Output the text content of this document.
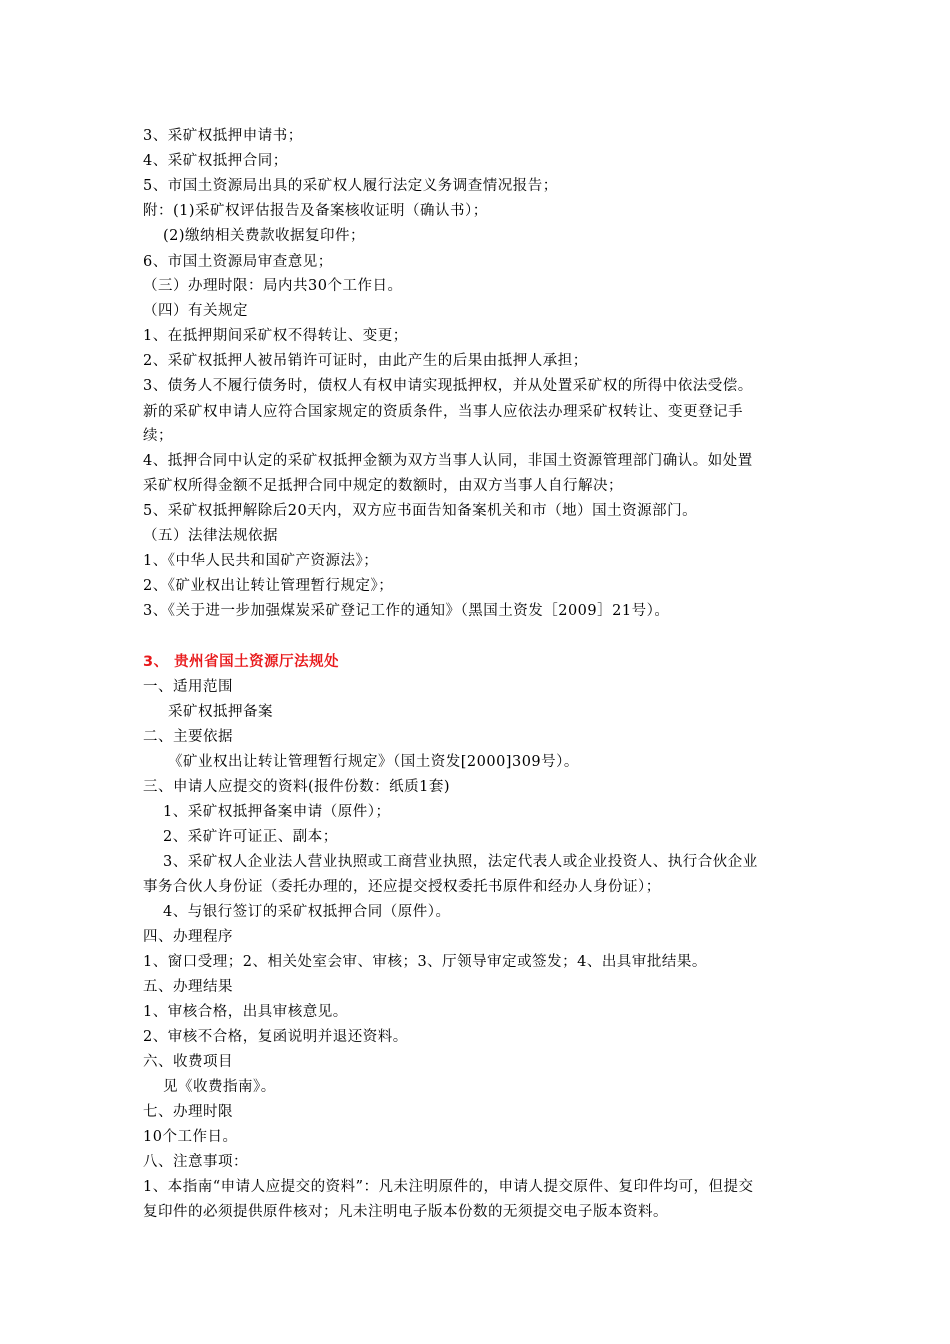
3、采矿权抵押申请书；
4、采矿权抵押合同；
5、市国土资源局出具的采矿权人履行法定义务调查情况报告；
附：(1)采矿权评估报告及备案核收证明（确认书）；
(2)缴纳相关费款收据复印件；
6、市国土资源局审查意见；
（三）办理时限：局内共30个工作日。
（四）有关规定
1、在抵押期间采矿权不得转让、变更；
2、采矿权抵押人被吊销许可证时，由此产生的后果由抵押人承担；
3、债务人不履行债务时，债权人有权申请实现抵押权，并从处置采矿权的所得中依法受偿。
新的采矿权申请人应符合国家规定的资质条件，当事人应依法办理采矿权转让、变更登记手
续；
4、抵押合同中认定的采矿权抵押金额为双方当事人认同，非国土资源管理部门确认。如处置
采矿权所得金额不足抵押合同中规定的数额时，由双方当事人自行解决；
5、采矿权抵押解除后20天内，双方应书面告知备案机关和市（地）国土资源部门。
（五）法律法规依据
1、《中华人民共和国矿产资源法》；
2、《矿业权出让转让管理暂行规定》；
3、《关于进一步加强煤炭采矿登记工作的通知》（黑国土资发［2009］21号）。
3、 贵州省国土资源厅法规处
一、适用范围
采矿权抵押备案
二、主要依据
《矿业权出让转让管理暂行规定》（国土资发[2000]309号）。
三、申请人应提交的资料(报件份数：纸质1套)
1、采矿权抵押备案申请（原件）；
2、采矿许可证正、副本；
3、采矿权人企业法人营业执照或工商营业执照，法定代表人或企业投资人、执行合伙企业
事务合伙人身份证（委托办理的，还应提交授权委托书原件和经办人身份证）；
4、与银行签订的采矿权抵押合同（原件）。
四、办理程序
1、窗口受理；2、相关处室会审、审核；3、厅领导审定或签发；4、出具审批结果。
五、办理结果
1、审核合格，出具审核意见。
2、审核不合格，复函说明并退还资料。
六、收费项目
见《收费指南》。
七、办理时限
10个工作日。
八、注意事项：
1、本指南“申请人应提交的资料”：凡未注明原件的，申请人提交原件、复印件均可，但提交
复印件的必须提供原件核对；凡未注明电子版本份数的无须提交电子版本资料。
